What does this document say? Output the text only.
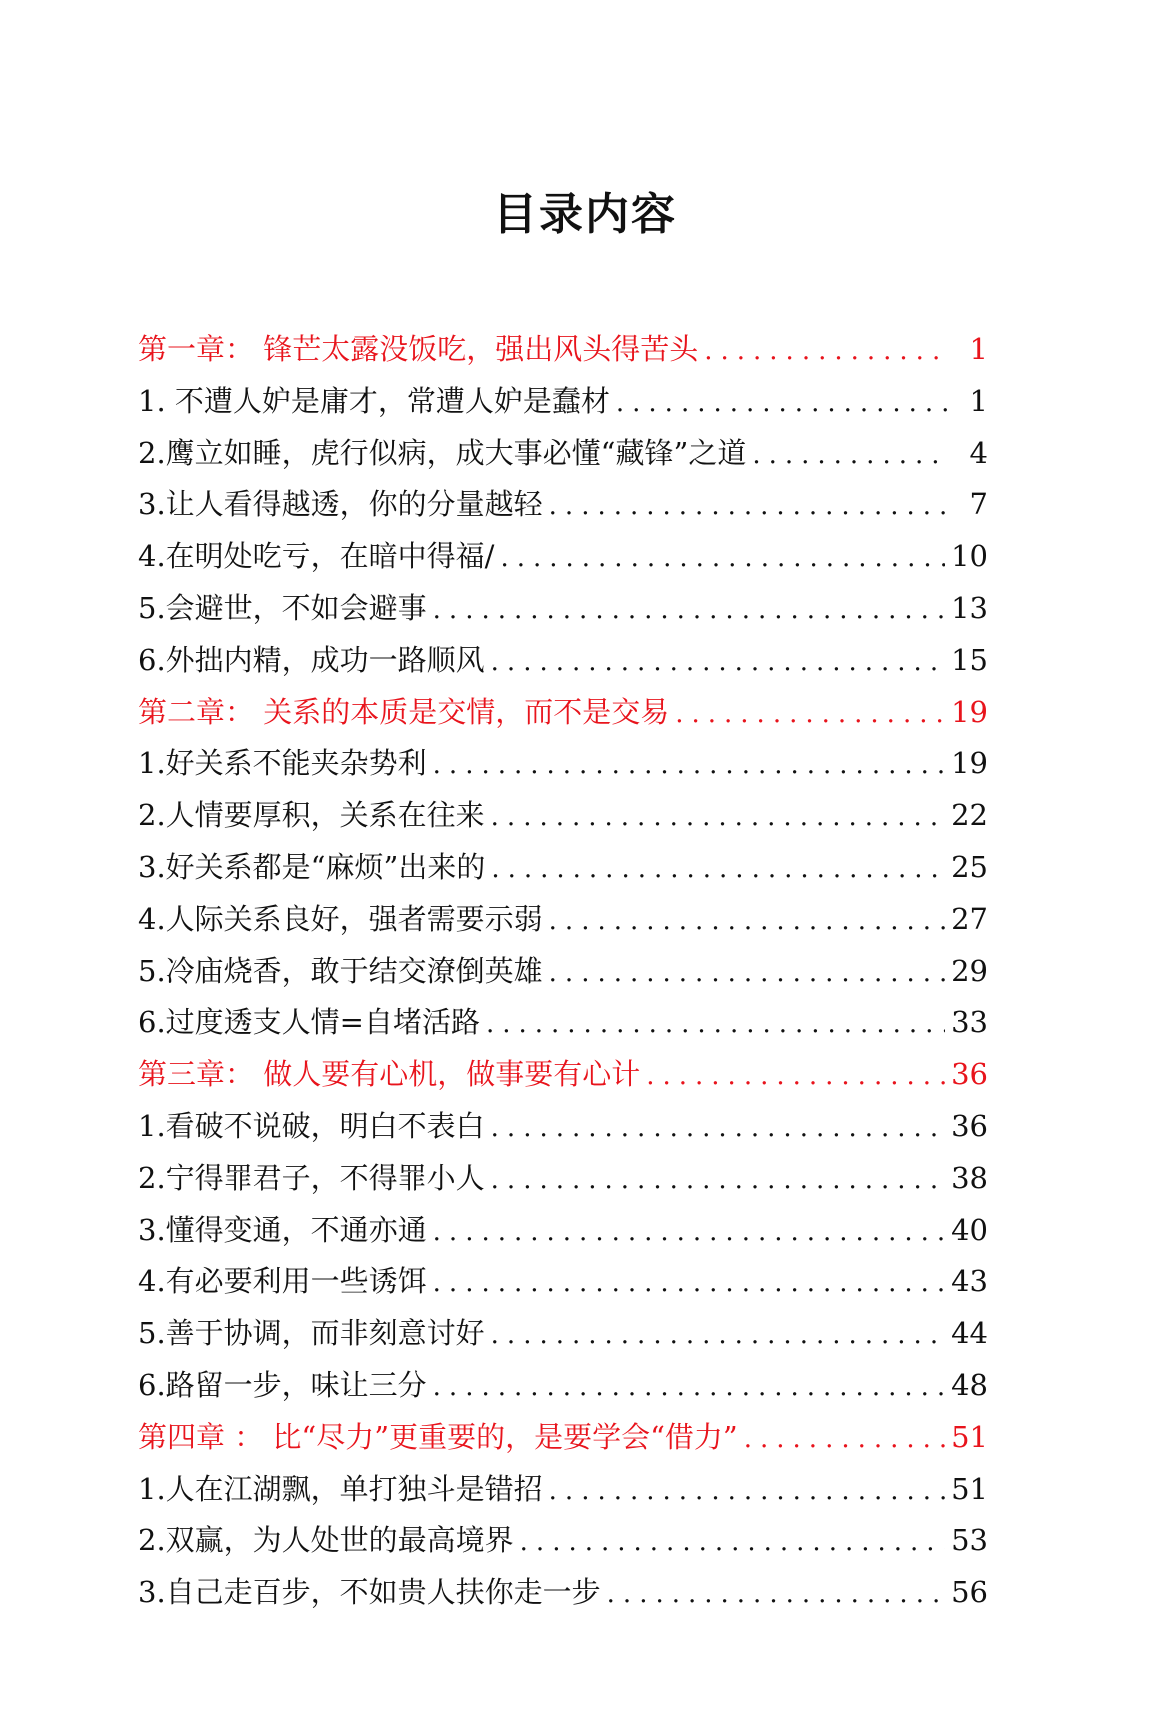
目录内容
第一章： 锋芒太露没饭吃，强出风头得苦头 .....	1
1. 不遭人妒是庸才，常遭人妒是蠢材 .....	1
2.鹰立如睡，虎行似病，成大事必懂“藏锋”之道 .....	4
3.让人看得越透，你的分量越轻 .....	7
4.在明处吃亏，在暗中得福/ .....	10
5.会避世，不如会避事 .....	13
6.外拙内精，成功一路顺风 .....	15
第二章： 关系的本质是交情，而不是交易 .....	19
1.好关系不能夹杂势利 .....	19
2.人情要厚积，关系在往来 .....	22
3.好关系都是“麻烦”出来的 .....	25
4.人际关系良好，强者需要示弱 .....	27
5.冷庙烧香，敢于结交潦倒英雄 .....	29
6.过度透支人情=自堵活路 .....	33
第三章： 做人要有心机，做事要有心计 .....	36
1.看破不说破，明白不表白 .....	36
2.宁得罪君子，不得罪小人 .....	38
3.懂得变通，不通亦通 .....	40
4.有必要利用一些诱饵 .....	43
5.善于协调，而非刻意讨好 .....	44
6.路留一步，味让三分 .....	48
第四章 ： 比“尽力”更重要的，是要学会“借力” .....	51
1.人在江湖飘，单打独斗是错招 .....	51
2.双赢，为人处世的最高境界 .....	53
3.自己走百步，不如贵人扶你走一步 .....	56
